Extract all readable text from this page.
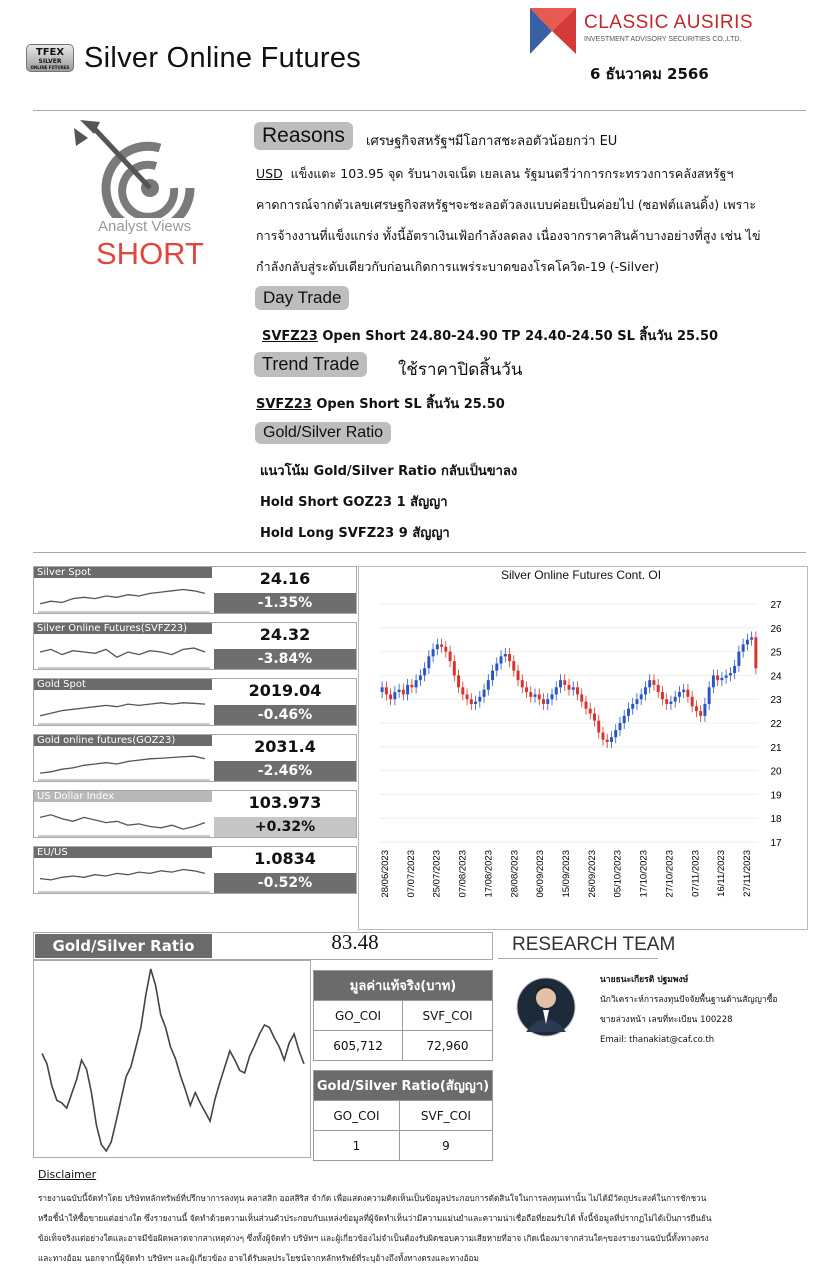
TFEX
SILVER
ONLINE FUTURES Silver Online Futures
CLASSIC AUSIRIS
INVESTMENT ADVISORY SECURITIES CO.,LTD.
6 ธันวาคม 2566
Analyst Views
SHORT
Reasons	เศรษฐกิจสหรัฐฯมีโอกาสชะลอตัวน้อยกว่า EU
USD แข็งแตะ 103.95 จุด รับนางเจเน็ต เยลเลน รัฐมนตรีว่าการกระทรวงการคลังสหรัฐฯ
คาดการณ์จากตัวเลขเศรษฐกิจสหรัฐฯจะชะลอตัวลงแบบค่อยเป็นค่อยไป (ซอฟต์แลนดิ้ง) เพราะ
การจ้างงานที่แข็งแกร่ง ทั้งนี้อัตราเงินเฟ้อกำลังลดลง เนื่องจากราคาสินค้าบางอย่างที่สูง เช่น ไข่
กำลังกลับสู่ระดับเดียวกับก่อนเกิดการแพร่ระบาดของโรคโควิด-19 (-Silver)
Day Trade
SVFZ23 Open Short 24.80-24.90 TP 24.40-24.50 SL สิ้นวัน 25.50
Trend Trade	ใช้ราคาปิดสิ้นวัน
SVFZ23 Open Short SL สิ้นวัน 25.50
Gold/Silver Ratio
แนวโน้ม Gold/Silver Ratio กลับเป็นขาลง
Hold Short GOZ23 1 สัญญา
Hold Long SVFZ23 9 สัญญา
Silver Spot	24.16
-1.35%
Silver Online Futures(SVFZ23)	24.32
-3.84%
Gold Spot	2019.04
-0.46%
Gold online futures(GOZ23)	2031.4
-2.46%
US Dollar Index	103.973
+0.32%
EU/US	1.0834
-0.52%
Silver Online Futures Cont. OI
17
18
19
20
21
22
23
24
25
26
27
28/06/2023 07/07/2023 25/07/2023 07/08/2023 17/08/2023 28/08/2023 06/09/2023 15/09/2023 26/09/2023 05/10/2023 17/10/2023 27/10/2023 07/11/2023 16/11/2023 27/11/2023
Gold/Silver Ratio	83.48
มูลค่าแท้จริง(บาท)	
GO_COI	SVF_COI
605,712	72,960
Gold/Silver Ratio(สัญญา)	
GO_COI	SVF_COI
1	9
RESEARCH TEAM
นายธนะเกียรติ ปฐมพงษ์
นักวิเคราะห์การลงทุนปัจจัยพื้นฐานด้านสัญญาซื้อ
ขายล่วงหน้า เลขที่ทะเบียน 100228
Email: thanakiat@caf.co.th
Disclaimer
รายงานฉบับนี้จัดทำโดย บริษัทหลักทรัพย์ที่ปรึกษาการลงทุน คลาสสิก ออสสิริส จำกัด เพื่อแสดงความคิดเห็นเป็นข้อมูลประกอบการตัดสินใจในการลงทุนเท่านั้น ไม่ได้มีวัตถุประสงค์ในการชักชวน
หรือชี้นำให้ซื้อขายแต่อย่างใด ซึ่งรายงานนี้ จัดทำด้วยความเห็นส่วนตัวประกอบกับแหล่งข้อมูลที่ผู้จัดทำเห็นว่ามีความแม่นยำและความน่าเชื่อถือที่ยอมรับได้ ทั้งนี้ข้อมูลที่ปรากฏไม่ได้เป็นการยืนยัน
ข้อเท็จจริงแต่อย่างใดและอาจมีข้อผิดพลาดจากสาเหตุต่างๆ ซึ่งทั้งผู้จัดทำ บริษัทฯ และผู้เกี่ยวข้องไม่จำเป็นต้องรับผิดชอบความเสียหายที่อาจ เกิดเนื่องมาจากส่วนใดๆของรายงานฉบับนี้ทั้งทางตรง
และทางอ้อม นอกจากนี้ผู้จัดทำ บริษัทฯ และผู้เกี่ยวข้อง อาจได้รับผลประโยชน์จากหลักทรัพย์ที่ระบุอ้างถึงทั้งทางตรงและทางอ้อม
